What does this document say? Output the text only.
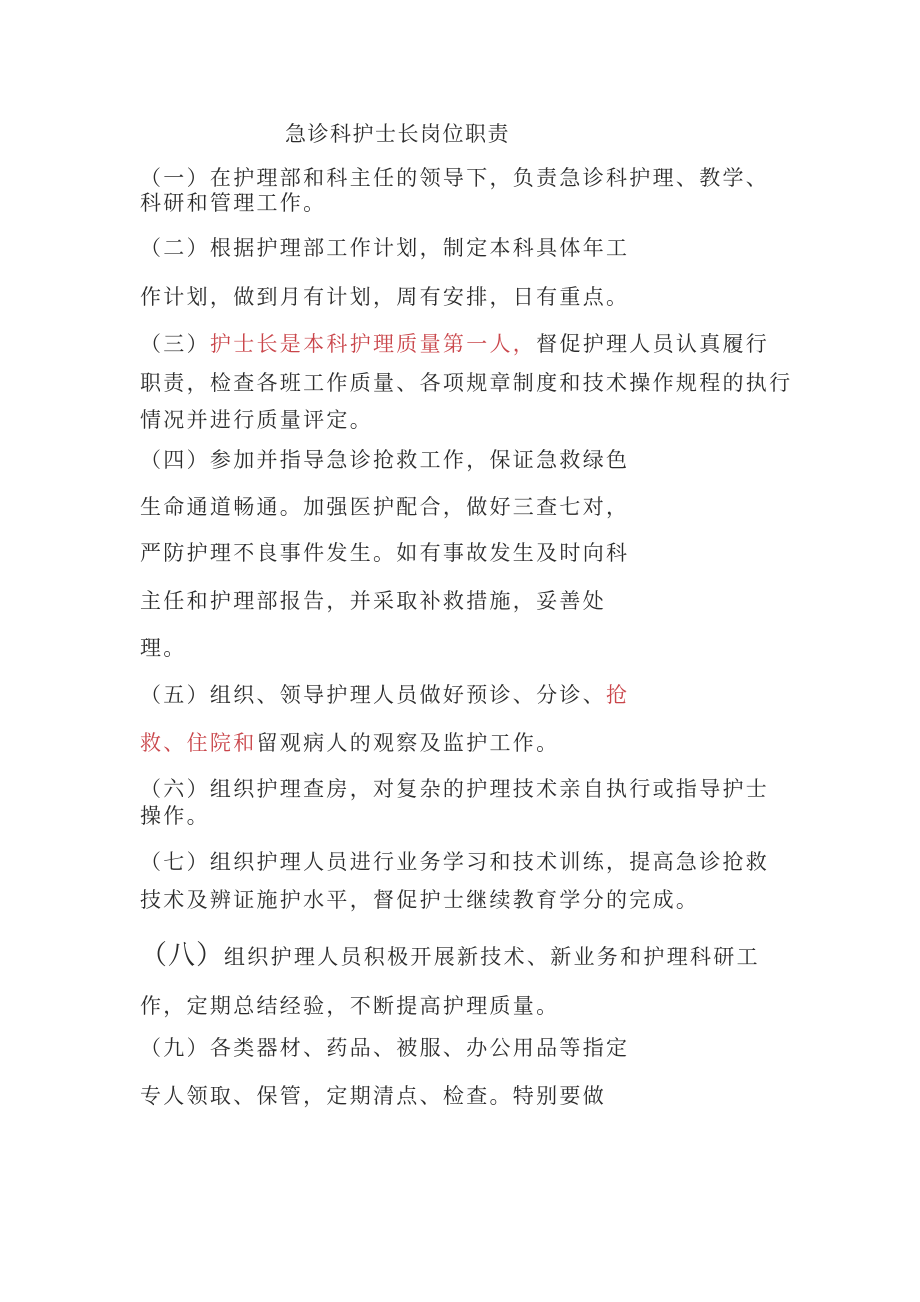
急诊科护士长岗位职责
（一）在护理部和科主任的领导下，负责急诊科护理、教学、
科研和管理工作。
（二）根据护理部工作计划，制定本科具体年工
作计划，做到月有计划，周有安排，日有重点。
（三）护士长是本科护理质量第一人，督促护理人员认真履行
职责，检查各班工作质量、各项规章制度和技术操作规程的执行
情况并进行质量评定。
（四）参加并指导急诊抢救工作，保证急救绿色
生命通道畅通。加强医护配合，做好三查七对，
严防护理不良事件发生。如有事故发生及时向科
主任和护理部报告，并采取补救措施，妥善处
理。
（五）组织、领导护理人员做好预诊、分诊、抢
救、住院和留观病人的观察及监护工作。
（六）组织护理查房，对复杂的护理技术亲自执行或指导护士
操作。
（七）组织护理人员进行业务学习和技术训练，提高急诊抢救
技术及辨证施护水平，督促护士继续教育学分的完成。
（八）组织护理人员积极开展新技术、新业务和护理科研工
作，定期总结经验，不断提高护理质量。
（九）各类器材、药品、被服、办公用品等指定
专人领取、保管，定期清点、检查。特别要做
